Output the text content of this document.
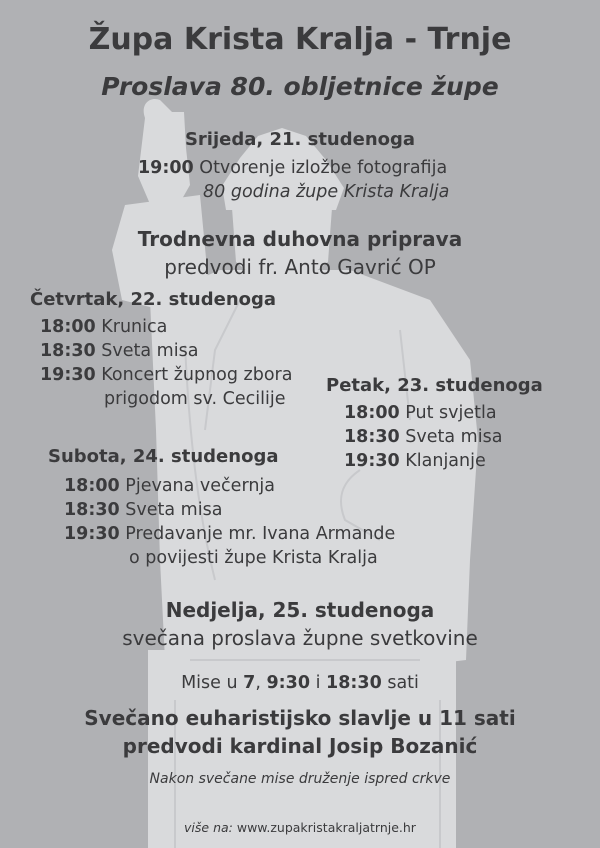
Župa Krista Kralja - Trnje
Proslava 80. obljetnice župe
Srijeda, 21. studenoga
19:00 Otvorenje izložbe fotografija
80 godina župe Krista Kralja
Trodnevna duhovna priprava
predvodi fr. Anto Gavrić OP
Četvrtak, 22. studenoga
18:00 Krunica
18:30 Sveta misa
19:30 Koncert župnog zbora
prigodom sv. Cecilije
Petak, 23. studenoga
18:00 Put svjetla
18:30 Sveta misa
19:30 Klanjanje
Subota, 24. studenoga
18:00 Pjevana večernja
18:30 Sveta misa
19:30 Predavanje mr. Ivana Armande
o povijesti župe Krista Kralja
Nedjelja, 25. studenoga
svečana proslava župne svetkovine
Mise u 7, 9:30 i 18:30 sati
Svečano euharistijsko slavlje u 11 sati
predvodi kardinal Josip Bozanić
Nakon svečane mise druženje ispred crkve
više na: www.zupakristakraljatrnje.hr
